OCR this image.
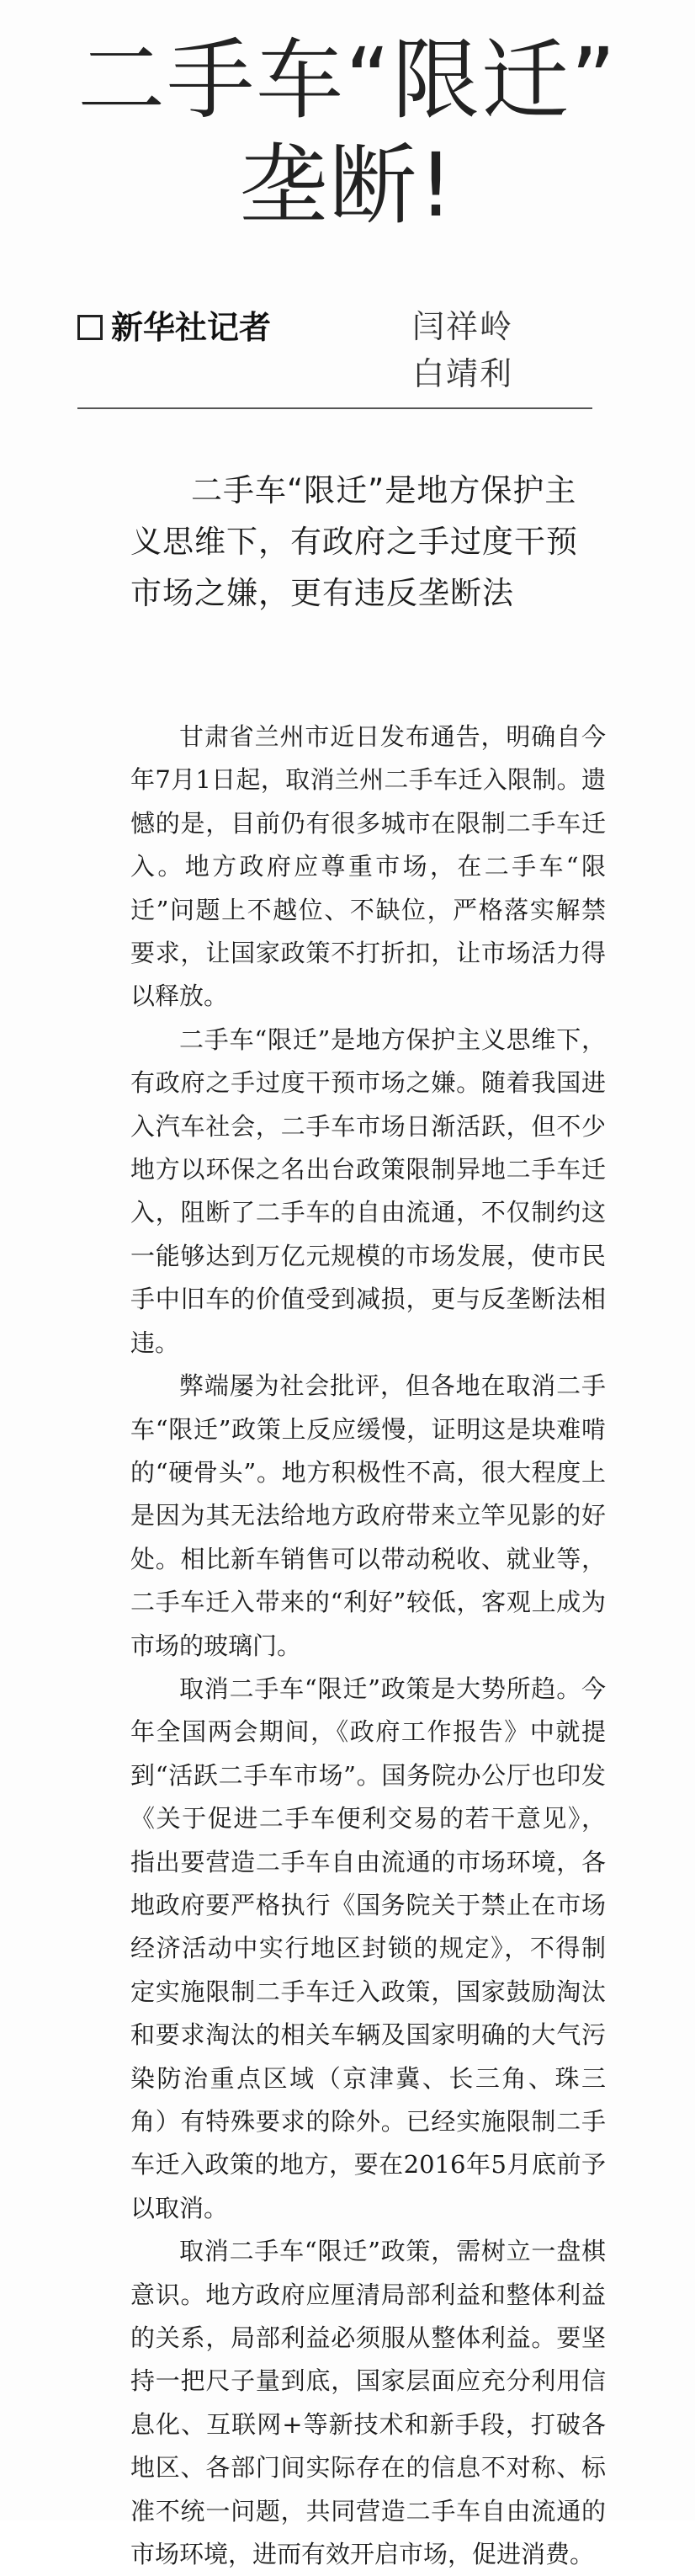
二手车“限迁”
垄断!
新华社记者	闫祥岭
白靖利

二手车“限迁”是地方保护主义思维下，有政府之手过度干预市场之嫌，更有违反垄断法

甘肃省兰州市近日发布通告，明确自今年7月1日起，取消兰州二手车迁入限制。遗憾的是，目前仍有很多城市在限制二手车迁入。地方政府应尊重市场，在二手车“限迁”问题上不越位、不缺位，严格落实解禁要求，让国家政策不打折扣，让市场活力得以释放。

二手车“限迁”是地方保护主义思维下，有政府之手过度干预市场之嫌。随着我国进入汽车社会，二手车市场日渐活跃，但不少地方以环保之名出台政策限制异地二手车迁入，阻断了二手车的自由流通，不仅制约这一能够达到万亿元规模的市场发展，使市民手中旧车的价值受到减损，更与反垄断法相违。

弊端屡为社会批评，但各地在取消二手车“限迁”政策上反应缓慢，证明这是块难啃的“硬骨头”。地方积极性不高，很大程度上是因为其无法给地方政府带来立竿见影的好处。相比新车销售可以带动税收、就业等，二手车迁入带来的“利好”较低，客观上成为市场的玻璃门。

取消二手车“限迁”政策是大势所趋。今年全国两会期间，《政府工作报告》中就提到“活跃二手车市场”。国务院办公厅也印发《关于促进二手车便利交易的若干意见》，指出要营造二手车自由流通的市场环境，各地政府要严格执行《国务院关于禁止在市场经济活动中实行地区封锁的规定》，不得制定实施限制二手车迁入政策，国家鼓励淘汰和要求淘汰的相关车辆及国家明确的大气污染防治重点区域（京津冀、长三角、珠三角）有特殊要求的除外。已经实施限制二手车迁入政策的地方，要在2016年5月底前予以取消。

取消二手车“限迁”政策，需树立一盘棋意识。地方政府应厘清局部利益和整体利益的关系，局部利益必须服从整体利益。要坚持一把尺子量到底，国家层面应充分利用信息化、互联网+等新技术和新手段，打破各地区、各部门间实际存在的信息不对称、标准不统一问题，共同营造二手车自由流通的市场环境，进而有效开启市场，促进消费。
